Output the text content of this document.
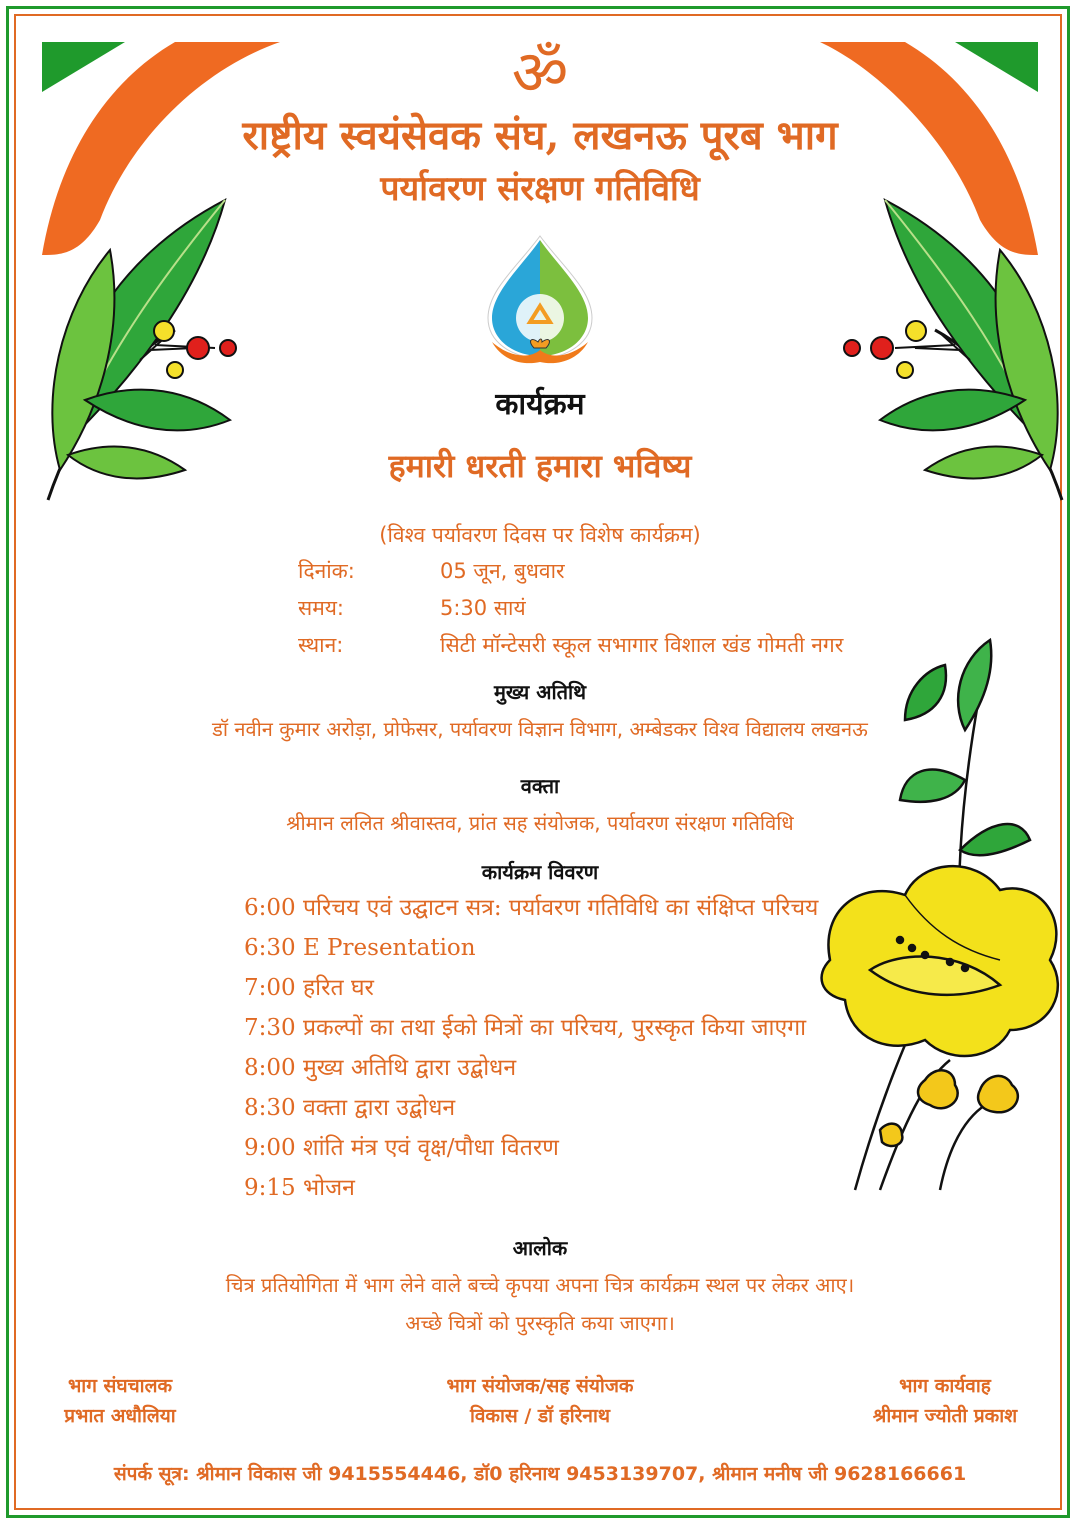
ॐ
राष्ट्रीय स्वयंसेवक संघ, लखनऊ पूरब भाग
पर्यावरण संरक्षण गतिविधि
कार्यक्रम
हमारी धरती हमारा भविष्य
(विश्व पर्यावरण दिवस पर विशेष कार्यक्रम)
दिनांक:	05 जून, बुधवार
समय:	5:30 सायं
स्थान:	सिटी मॉन्टेसरी स्कूल सभागार विशाल खंड गोमती नगर
मुख्य अतिथि
डॉ नवीन कुमार अरोड़ा, प्रोफेसर, पर्यावरण विज्ञान विभाग, अम्बेडकर विश्व विद्यालय लखनऊ
वक्ता
श्रीमान ललित श्रीवास्तव, प्रांत सह संयोजक, पर्यावरण संरक्षण गतिविधि
कार्यक्रम विवरण
6:00 परिचय एवं उद्घाटन सत्र: पर्यावरण गतिविधि का संक्षिप्त परिचय
6:30 E Presentation
7:00 हरित घर
7:30 प्रकल्पों का तथा ईको मित्रों का परिचय, पुरस्कृत किया जाएगा
8:00 मुख्य अतिथि द्वारा उद्बोधन
8:30 वक्ता द्वारा उद्बोधन
9:00 शांति मंत्र एवं वृक्ष/पौधा वितरण
9:15 भोजन
आलोक
चित्र प्रतियोगिता में भाग लेने वाले बच्चे कृपया अपना चित्र कार्यक्रम स्थल पर लेकर आए।
अच्छे चित्रों को पुरस्कृति कया जाएगा।
भाग संघचालक
प्रभात अधौलिया
भाग संयोजक/सह संयोजक
विकास / डॉ हरिनाथ
भाग कार्यवाह
श्रीमान ज्योती प्रकाश
संपर्क सूत्र: श्रीमान विकास जी 9415554446, डॉ0 हरिनाथ 9453139707, श्रीमान मनीष जी 9628166661
